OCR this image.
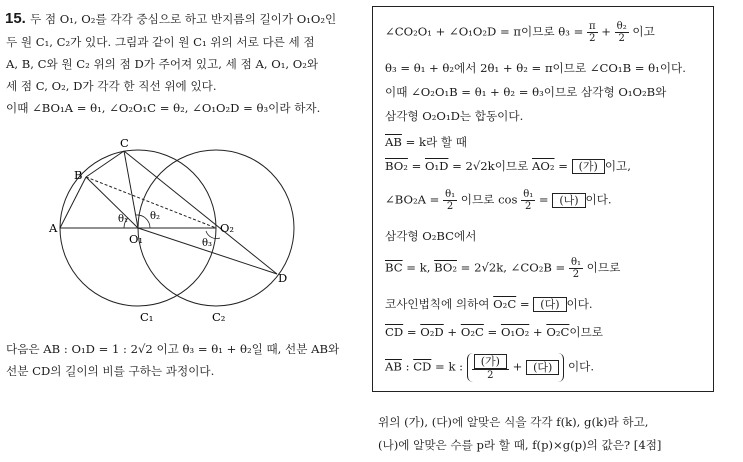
15. 두 점 O₁, O₂를 각각 중심으로 하고 반지름의 길이가 O₁O₂인
두 원 C₁, C₂가 있다. 그림과 같이 원 C₁ 위의 서로 다른 세 점
A, B, C와 원 C₂ 위의 점 D가 주어져 있고, 세 점 A, O₁, O₂와
세 점 C, O₂, D가 각각 한 직선 위에 있다.
이때 ∠BO₁A = θ₁, ∠O₂O₁C = θ₂, ∠O₁O₂D = θ₃이라 하자.
C
B
A
O₁
O₂
D
θ₁ θ₂
θ₃
C₁	C₂
다음은 AB : O₁D = 1 : 2√2 이고 θ₃ = θ₁ + θ₂일 때, 선분 AB와
선분 CD의 길이의 비를 구하는 과정이다.
∠CO₂O₁ + ∠O₁O₂D = π이므로 $\theta_3 = \frac{\pi}{2} + \frac{\text{θ₂}}{2}$ 이고
θ₃ = θ₁ + θ₂에서 2θ₁ + θ₂ = π이므로 ∠CO₁B = θ₁이다.
이때 ∠O₂O₁B = θ₁ + θ₂ = θ₃이므로 삼각형 O₁O₂B와
삼각형 O₂O₁D는 합동이다.
$\overline{AB} = k$라 할 때
BO₂ = O₁D = 2√2k이므로 AO₂ = (가) 이고,
∠BO₂A = $\frac{\text{θ₁}}{2}$ 이므로 $\cos \frac{\text{θ₁}}{2}$ = (나) 이다.
삼각형 O₂BC에서
$\overline{BC} = k$, BO₂ = 2√2k, ∠CO₂B = $\frac{\text{θ₁}}{2}$ 이므로
코사인법칙에 의하여 O₂C = (다) 이다.
$\overline{CD} = O_2D + O_2C = O_1O_2 + O_2C$이므로
$\overline{AB}$ : $\overline{CD} = k$ : $\frac{\text{(가)}}{2}$ + (다) 이다.
위의 (가), (다)에 알맞은 식을 각각 f(k), g(k)라 하고,
(나)에 알맞은 수를 p라 할 때, f(p)×g(p)의 값은? [4점]
